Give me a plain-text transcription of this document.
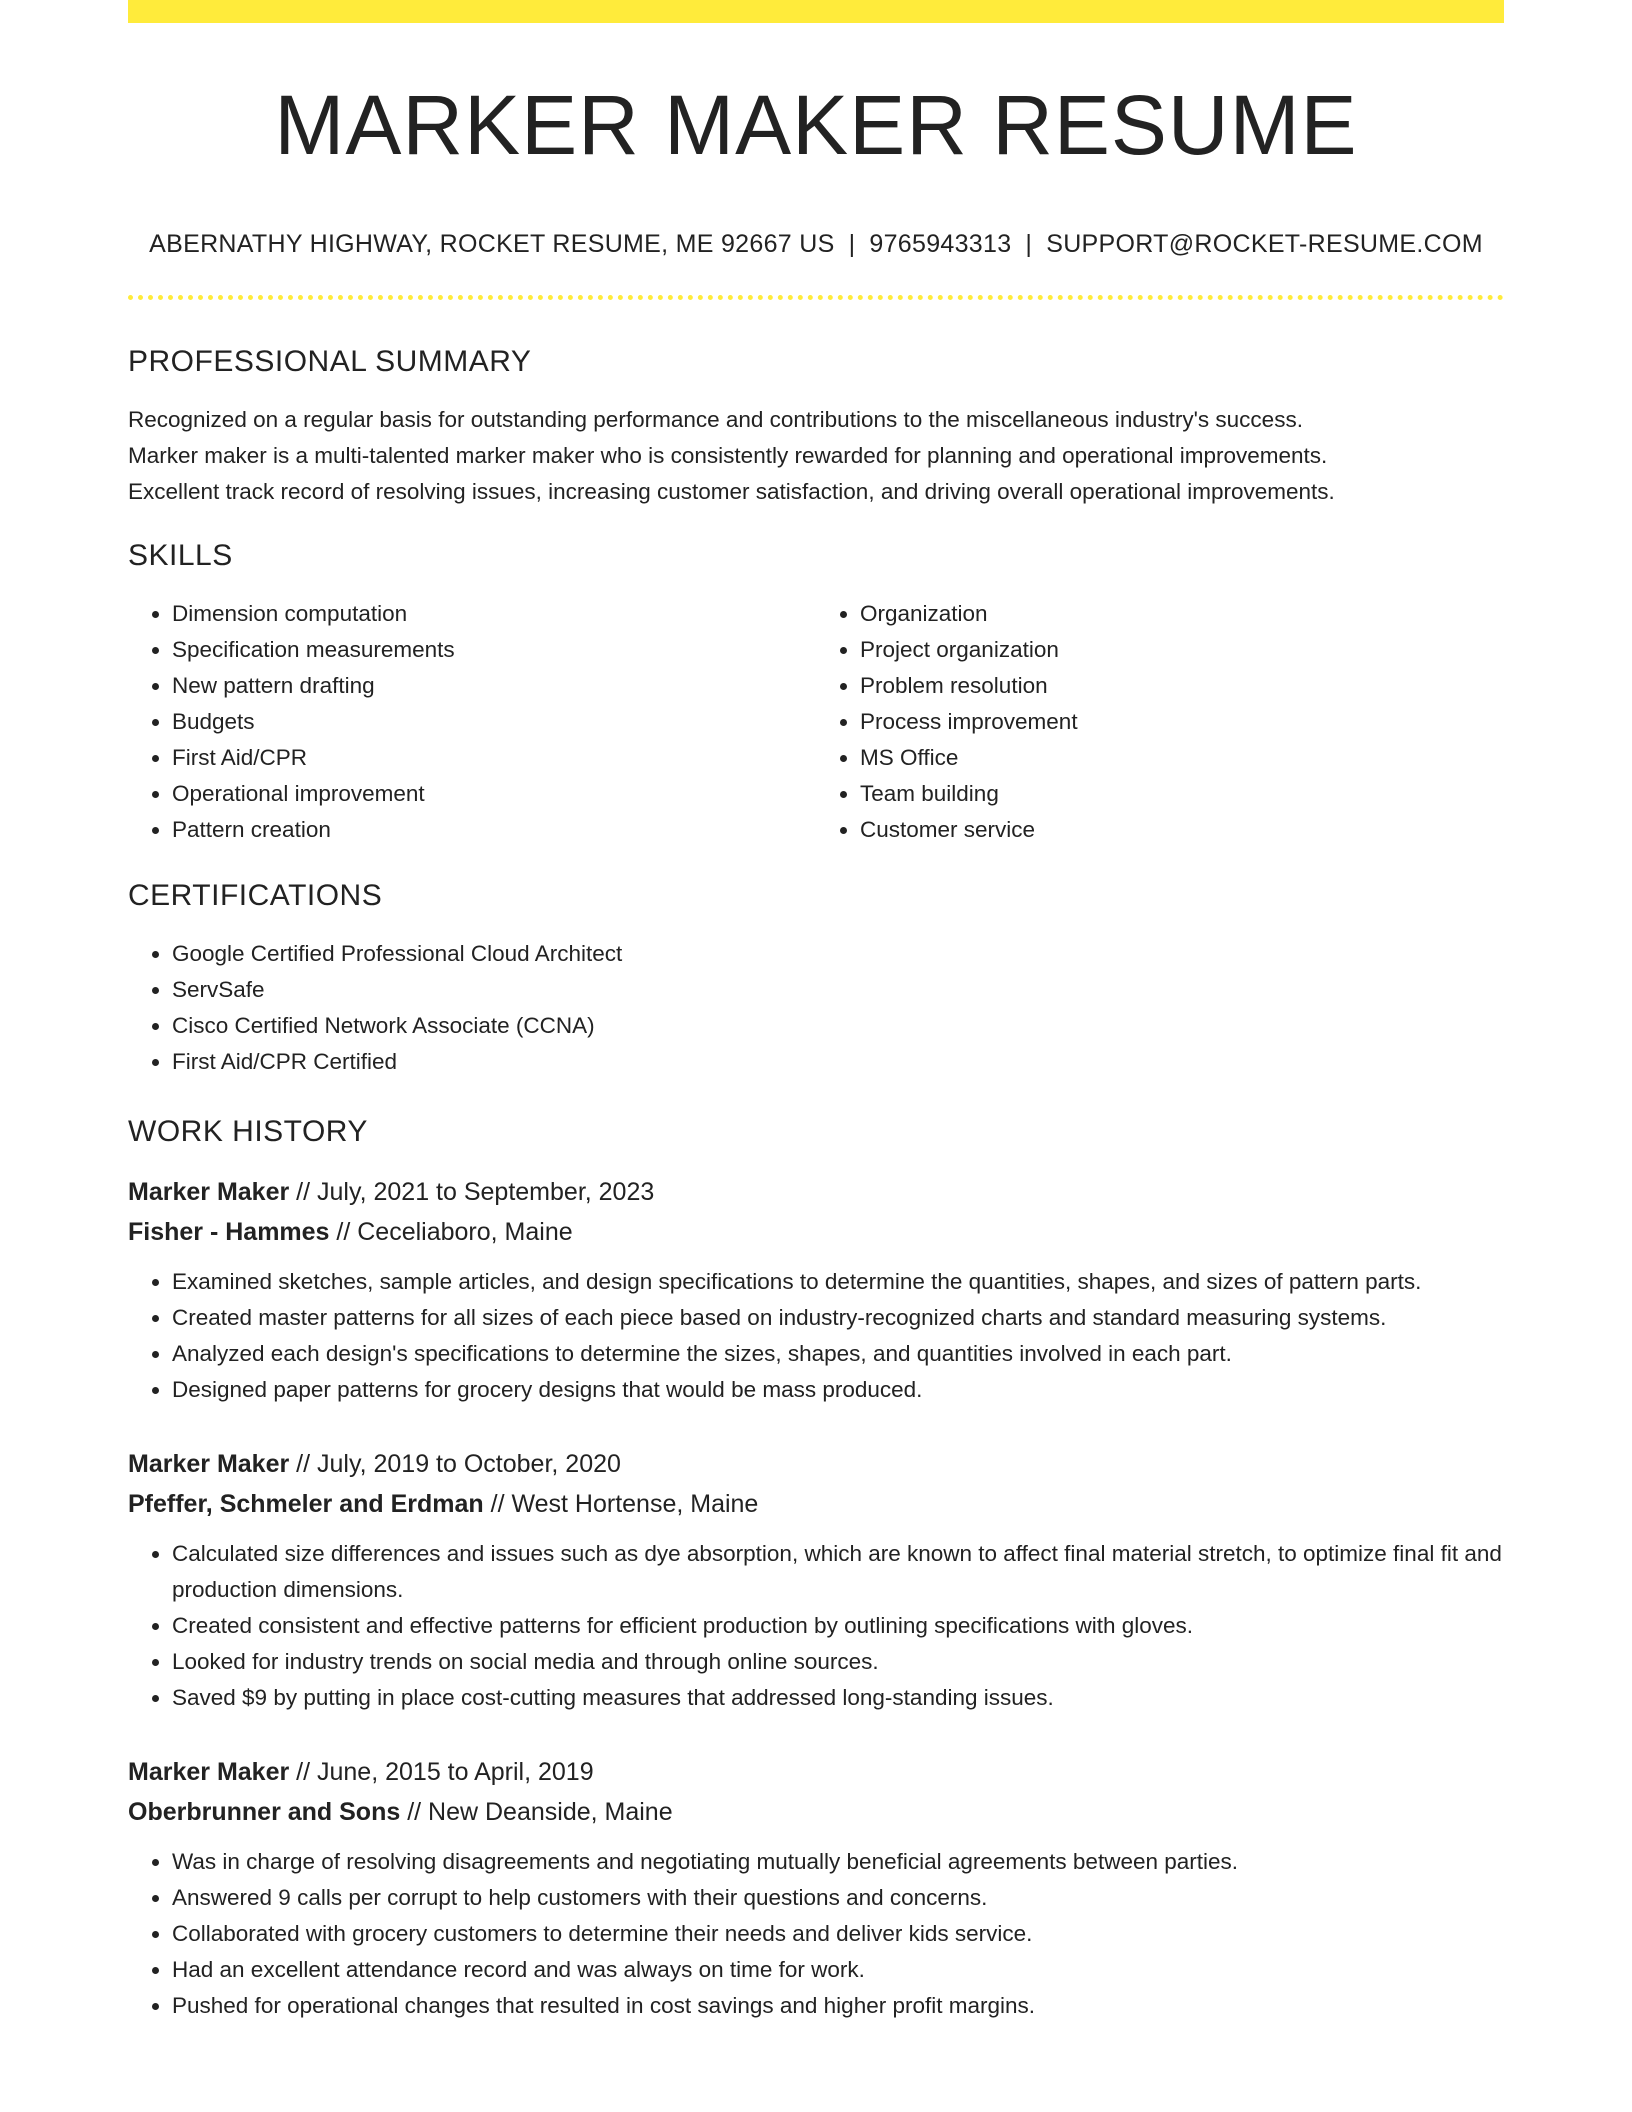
MARKER MAKER RESUME
ABERNATHY HIGHWAY, ROCKET RESUME, ME 92667 US | 9765943313 | SUPPORT@ROCKET-RESUME.COM
PROFESSIONAL SUMMARY
Recognized on a regular basis for outstanding performance and contributions to the miscellaneous industry's success.
Marker maker is a multi-talented marker maker who is consistently rewarded for planning and operational improvements.
Excellent track record of resolving issues, increasing customer satisfaction, and driving overall operational improvements.
SKILLS
• Dimension computation
• Specification measurements
• New pattern drafting
• Budgets
• First Aid/CPR
• Operational improvement
• Pattern creation
• Organization
• Project organization
• Problem resolution
• Process improvement
• MS Office
• Team building
• Customer service
CERTIFICATIONS
• Google Certified Professional Cloud Architect
• ServSafe
• Cisco Certified Network Associate (CCNA)
• First Aid/CPR Certified
WORK HISTORY
Marker Maker // July, 2021 to September, 2023
Fisher - Hammes // Ceceliaboro, Maine
• Examined sketches, sample articles, and design specifications to determine the quantities, shapes, and sizes of pattern parts.
• Created master patterns for all sizes of each piece based on industry-recognized charts and standard measuring systems.
• Analyzed each design's specifications to determine the sizes, shapes, and quantities involved in each part.
• Designed paper patterns for grocery designs that would be mass produced.
Marker Maker // July, 2019 to October, 2020
Pfeffer, Schmeler and Erdman // West Hortense, Maine
• Calculated size differences and issues such as dye absorption, which are known to affect final material stretch, to optimize final fit and production dimensions.
• Created consistent and effective patterns for efficient production by outlining specifications with gloves.
• Looked for industry trends on social media and through online sources.
• Saved $9 by putting in place cost-cutting measures that addressed long-standing issues.
Marker Maker // June, 2015 to April, 2019
Oberbrunner and Sons // New Deanside, Maine
• Was in charge of resolving disagreements and negotiating mutually beneficial agreements between parties.
• Answered 9 calls per corrupt to help customers with their questions and concerns.
• Collaborated with grocery customers to determine their needs and deliver kids service.
• Had an excellent attendance record and was always on time for work.
• Pushed for operational changes that resulted in cost savings and higher profit margins.
